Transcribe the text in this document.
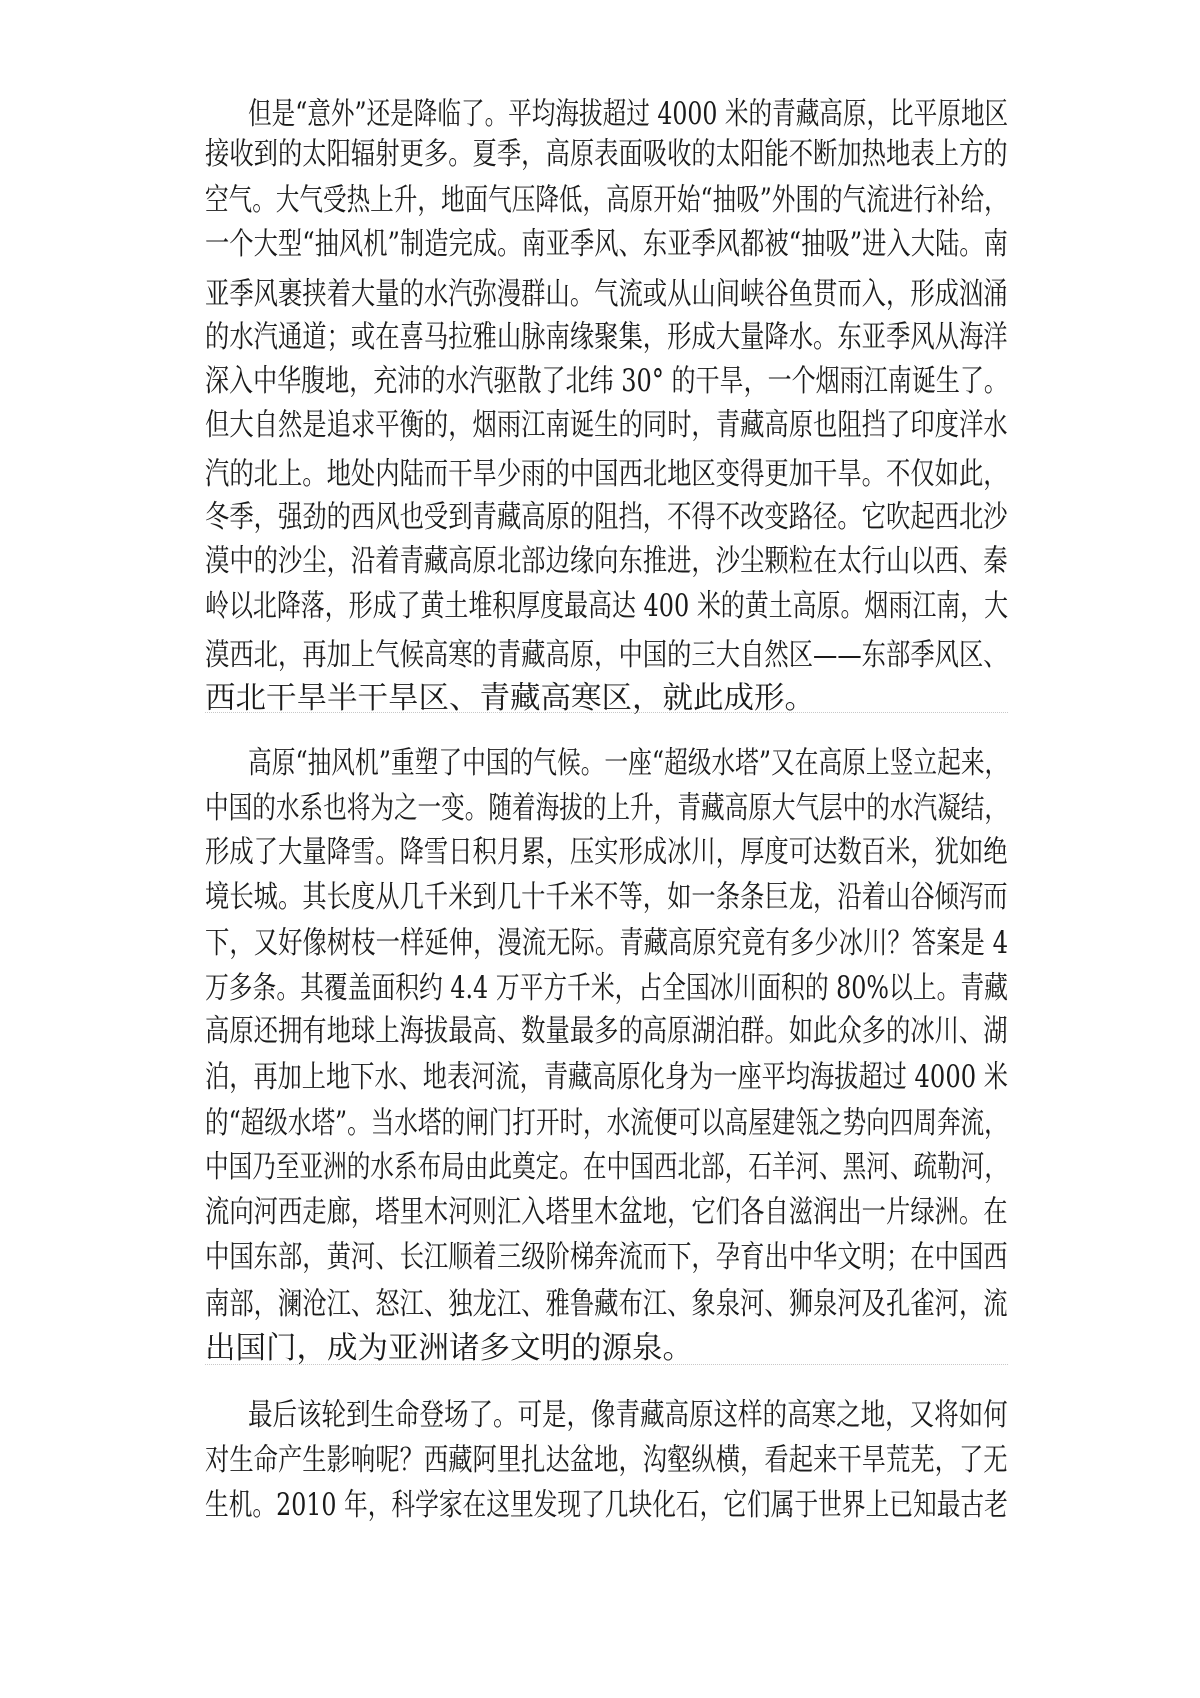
但是“意外”还是降临了。平均海拔超过 4000 米的青藏高原，比平原地区
接收到的太阳辐射更多。夏季，高原表面吸收的太阳能不断加热地表上方的
空气。大气受热上升，地面气压降低，高原开始“抽吸”外围的气流进行补给，
一个大型“抽风机”制造完成。南亚季风、东亚季风都被“抽吸”进入大陆。南
亚季风裹挟着大量的水汽弥漫群山。气流或从山间峡谷鱼贯而入，形成汹涌
的水汽通道；或在喜马拉雅山脉南缘聚集，形成大量降水。东亚季风从海洋
深入中华腹地，充沛的水汽驱散了北纬 30° 的干旱，一个烟雨江南诞生了。
但大自然是追求平衡的，烟雨江南诞生的同时，青藏高原也阻挡了印度洋水
汽的北上。地处内陆而干旱少雨的中国西北地区变得更加干旱。不仅如此，
冬季，强劲的西风也受到青藏高原的阻挡，不得不改变路径。它吹起西北沙
漠中的沙尘，沿着青藏高原北部边缘向东推进，沙尘颗粒在太行山以西、秦
岭以北降落，形成了黄土堆积厚度最高达 400 米的黄土高原。烟雨江南，大
漠西北，再加上气候高寒的青藏高原，中国的三大自然区——东部季风区、
西北干旱半干旱区、青藏高寒区，就此成形。
高原“抽风机”重塑了中国的气候。一座“超级水塔”又在高原上竖立起来，
中国的水系也将为之一变。随着海拔的上升，青藏高原大气层中的水汽凝结，
形成了大量降雪。降雪日积月累，压实形成冰川，厚度可达数百米，犹如绝
境长城。其长度从几千米到几十千米不等，如一条条巨龙，沿着山谷倾泻而
下，又好像树枝一样延伸，漫流无际。青藏高原究竟有多少冰川？答案是 4
万多条。其覆盖面积约 4.4 万平方千米，占全国冰川面积的 80%以上。青藏
高原还拥有地球上海拔最高、数量最多的高原湖泊群。如此众多的冰川、湖
泊，再加上地下水、地表河流，青藏高原化身为一座平均海拔超过 4000 米
的“超级水塔”。当水塔的闸门打开时，水流便可以高屋建瓴之势向四周奔流，
中国乃至亚洲的水系布局由此奠定。在中国西北部，石羊河、黑河、疏勒河，
流向河西走廊，塔里木河则汇入塔里木盆地，它们各自滋润出一片绿洲。在
中国东部，黄河、长江顺着三级阶梯奔流而下，孕育出中华文明；在中国西
南部，澜沧江、怒江、独龙江、雅鲁藏布江、象泉河、狮泉河及孔雀河，流
出国门，成为亚洲诸多文明的源泉。
最后该轮到生命登场了。可是，像青藏高原这样的高寒之地，又将如何
对生命产生影响呢？西藏阿里扎达盆地，沟壑纵横，看起来干旱荒芜，了无
生机。2010 年，科学家在这里发现了几块化石，它们属于世界上已知最古老
